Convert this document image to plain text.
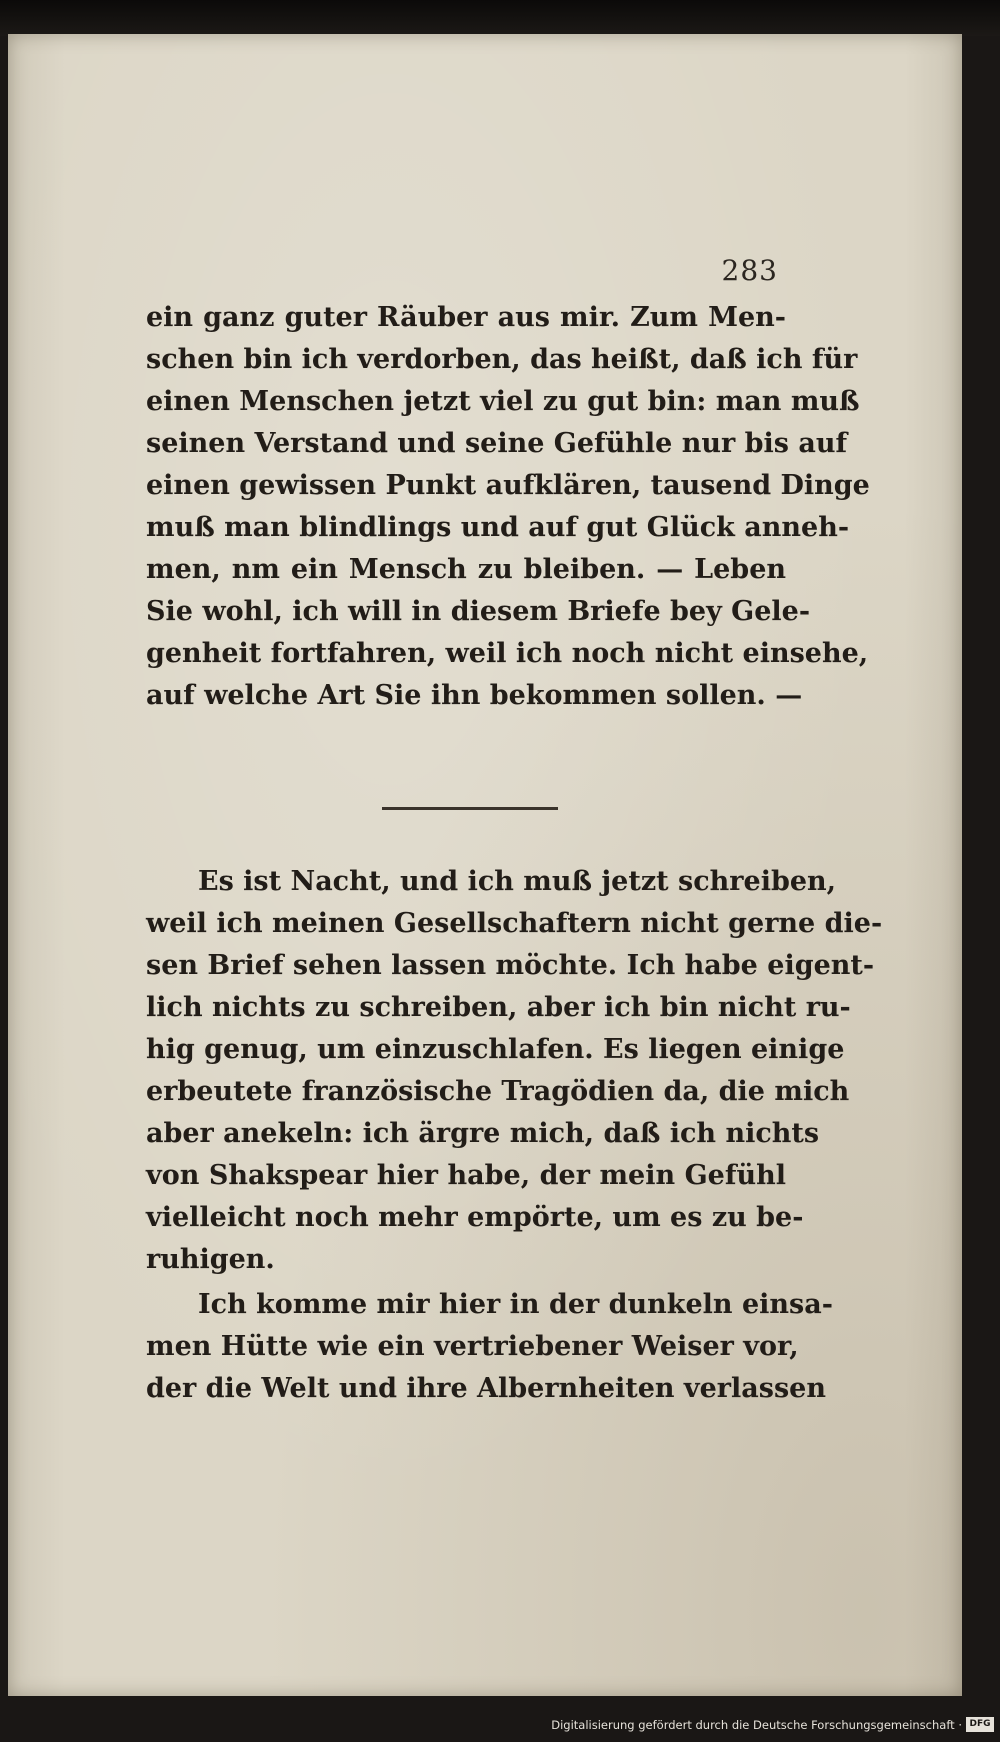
283
ein ganz guter Räuber aus mir. Zum Men-
schen bin ich verdorben, das heißt, daß ich für
einen Menschen jetzt viel zu gut bin: man muß
seinen Verstand und seine Gefühle nur bis auf
einen gewissen Punkt aufklären, tausend Dinge
muß man blindlings und auf gut Glück anneh-
men, nm ein Mensch zu bleiben. — Leben
Sie wohl, ich will in diesem Briefe bey Gele-
genheit fortfahren, weil ich noch nicht einsehe,
auf welche Art Sie ihn bekommen sollen. —
Es ist Nacht, und ich muß jetzt schreiben,
weil ich meinen Gesellschaftern nicht gerne die-
sen Brief sehen lassen möchte. Ich habe eigent-
lich nichts zu schreiben, aber ich bin nicht ru-
hig genug, um einzuschlafen. Es liegen einige
erbeutete französische Tragödien da, die mich
aber anekeln: ich ärgre mich, daß ich nichts
von Shakspear hier habe, der mein Gefühl
vielleicht noch mehr empörte, um es zu be-
ruhigen.
Ich komme mir hier in der dunkeln einsa-
men Hütte wie ein vertriebener Weiser vor,
der die Welt und ihre Albernheiten verlassen
Digitalisierung gefördert durch die Deutsche Forschungsgemeinschaft · DFG
